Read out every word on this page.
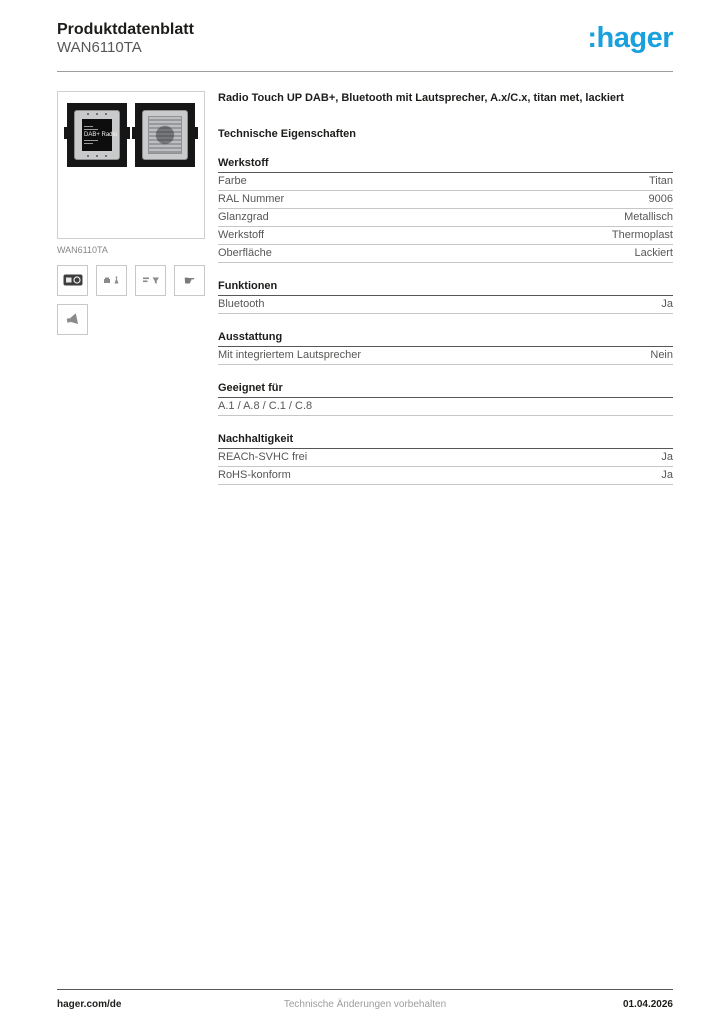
Produktdatenblatt
WAN6110TA	:hager
DAB+ Radio
WAN6110TA
☛
Radio Touch UP DAB+, Bluetooth mit Lautsprecher, A.x/C.x, titan met, lackiert
Technische Eigenschaften
Werkstoff
Farbe	Titan
RAL Nummer	9006
Glanzgrad	Metallisch
Werkstoff	Thermoplast
Oberfläche	Lackiert
Funktionen
Bluetooth	Ja
Ausstattung
Mit integriertem Lautsprecher	Nein
Geeignet für
A.1 / A.8 / C.1 / C.8
Nachhaltigkeit
REACh-SVHC frei	Ja
RoHS-konform	Ja
hager.com/de	Technische Änderungen vorbehalten	01.04.2026
